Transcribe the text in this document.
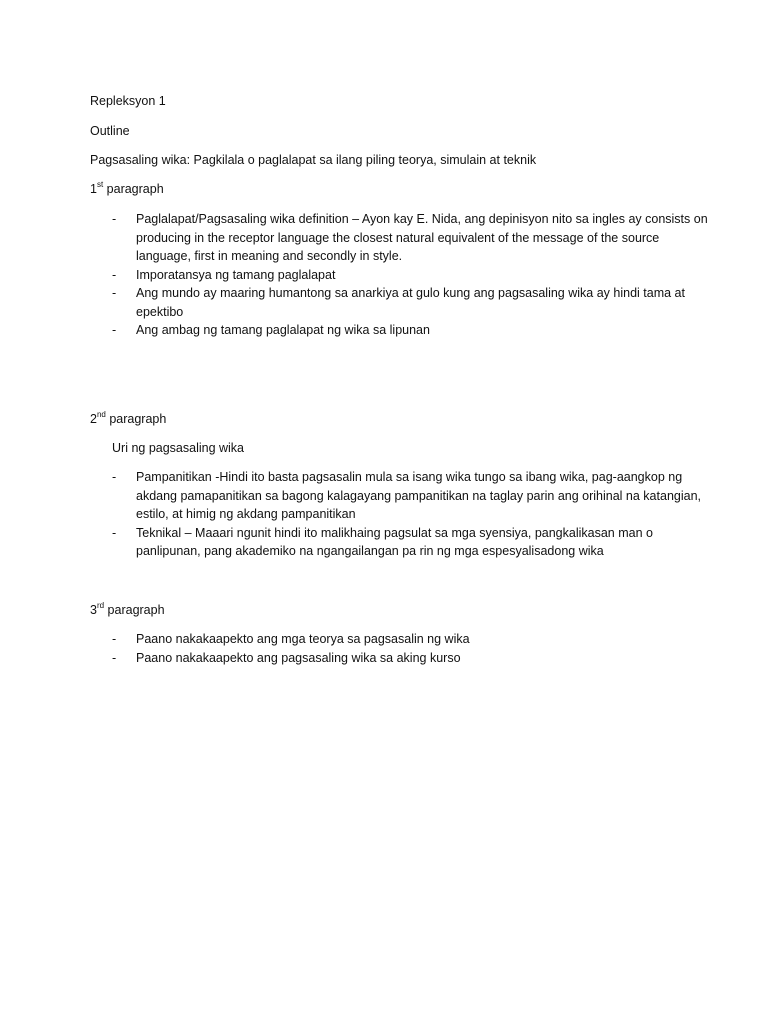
Repleksyon 1
Outline
Pagsasaling wika: Pagkilala o paglalapat sa ilang piling teorya, simulain at teknik
1st paragraph
- Paglalapat/Pagsasaling wika definition – Ayon kay E. Nida, ang depinisyon nito sa ingles ay consists on producing in the receptor language the closest natural equivalent of the message of the source language, first in meaning and secondly in style.
- Imporatansya ng tamang paglalapat
- Ang mundo ay maaring humantong sa anarkiya at gulo kung ang pagsasaling wika ay hindi tama at epektibo
- Ang ambag ng tamang paglalapat ng wika sa lipunan
2nd paragraph
Uri ng pagsasaling wika
- Pampanitikan -Hindi ito basta pagsasalin mula sa isang wika tungo sa ibang wika, pag-aangkop ng akdang pamapanitikan sa bagong kalagayang pampanitikan na taglay parin ang orihinal na katangian, estilo, at himig ng akdang pampanitikan
- Teknikal – Maaari ngunit hindi ito malikhaing pagsulat sa mga syensiya, pangkalikasan man o panlipunan, pang akademiko na ngangailangan pa rin ng mga espesyalisadong wika
3rd paragraph
- Paano nakakaapekto ang mga teorya sa pagsasalin ng wika
- Paano nakakaapekto ang pagsasaling wika sa aking kurso
